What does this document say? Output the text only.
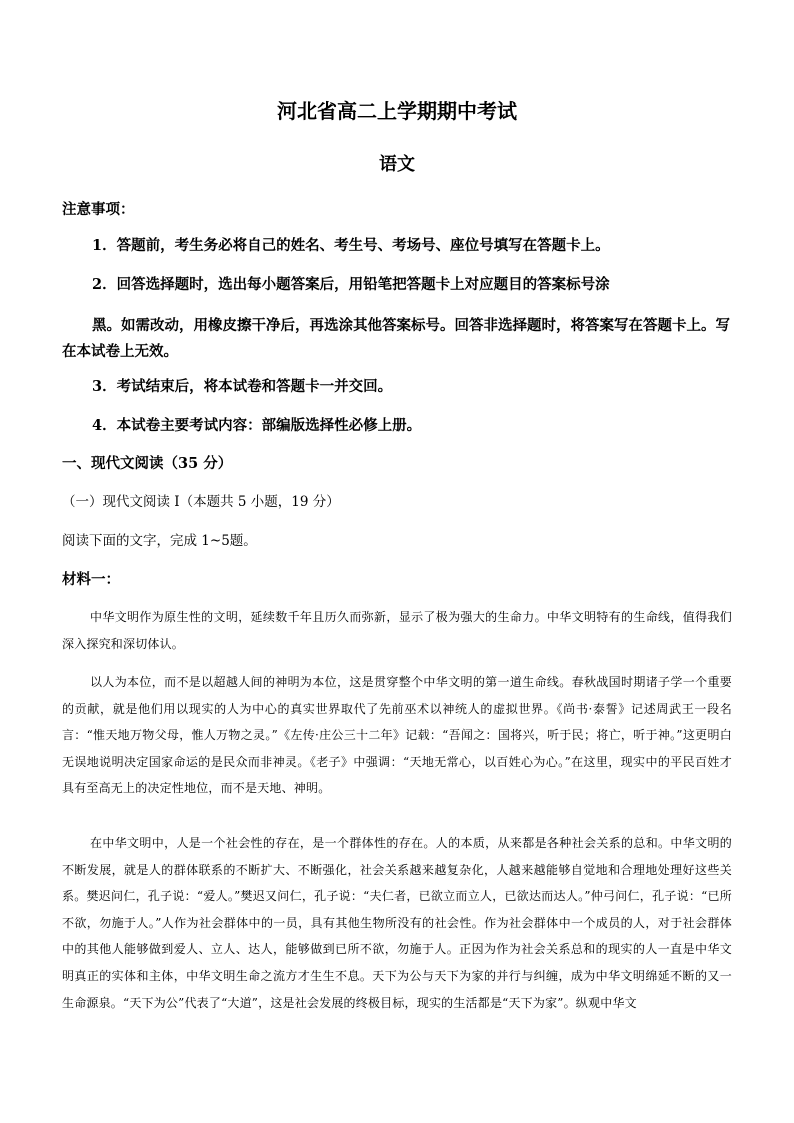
河北省高二上学期期中考试
语文
注意事项：
1．答题前，考生务必将自己的姓名、考生号、考场号、座位号填写在答题卡上。
2．回答选择题时，选出每小题答案后，用铅笔把答题卡上对应题目的答案标号涂
黑。如需改动，用橡皮擦干净后，再选涂其他答案标号。回答非选择题时，将答案写在答题卡上。写在本试卷上无效。
3．考试结束后，将本试卷和答题卡一并交回。
4．本试卷主要考试内容：部编版选择性必修上册。
一、现代文阅读（35 分）
（一）现代文阅读 I（本题共 5 小题，19 分）
阅读下面的文字，完成 1~5题。
材料一：
中华文明作为原生性的文明，延续数千年且历久而弥新，显示了极为强大的生命力。中华文明特有的生命线，值得我们深入探究和深切体认。
以人为本位，而不是以超越人间的神明为本位，这是贯穿整个中华文明的第一道生命线。春秋战国时期诸子学一个重要的贡献，就是他们用以现实的人为中心的真实世界取代了先前巫术以神统人的虚拟世界。《尚书·泰誓》记述周武王一段名言：“惟天地万物父母，惟人万物之灵。”《左传·庄公三十二年》记载：“吾闻之：国将兴，听于民；将亡，听于神。”这更明白无误地说明决定国家命运的是民众而非神灵。《老子》中强调：“天地无常心，以百姓心为心。”在这里，现实中的平民百姓才具有至高无上的决定性地位，而不是天地、神明。
在中华文明中，人是一个社会性的存在，是一个群体性的存在。人的本质，从来都是各种社会关系的总和。中华文明的不断发展，就是人的群体联系的不断扩大、不断强化，社会关系越来越复杂化，人越来越能够自觉地和合理地处理好这些关系。樊迟问仁，孔子说：“爱人。”樊迟又问仁，孔子说：“夫仁者，已欲立而立人，已欲达而达人。”仲弓问仁，孔子说：“已所不欲，勿施于人。”人作为社会群体中的一员，具有其他生物所没有的社会性。作为社会群体中一个成员的人，对于社会群体中的其他人能够做到爱人、立人、达人，能够做到已所不欲，勿施于人。正因为作为社会关系总和的现实的人一直是中华文明真正的实体和主体，中华文明生命之流方才生生不息。天下为公与天下为家的并行与纠缠，成为中华文明绵延不断的又一生命源泉。“天下为公”代表了“大道”，这是社会发展的终极目标，现实的生活都是“天下为家”。纵观中华文
